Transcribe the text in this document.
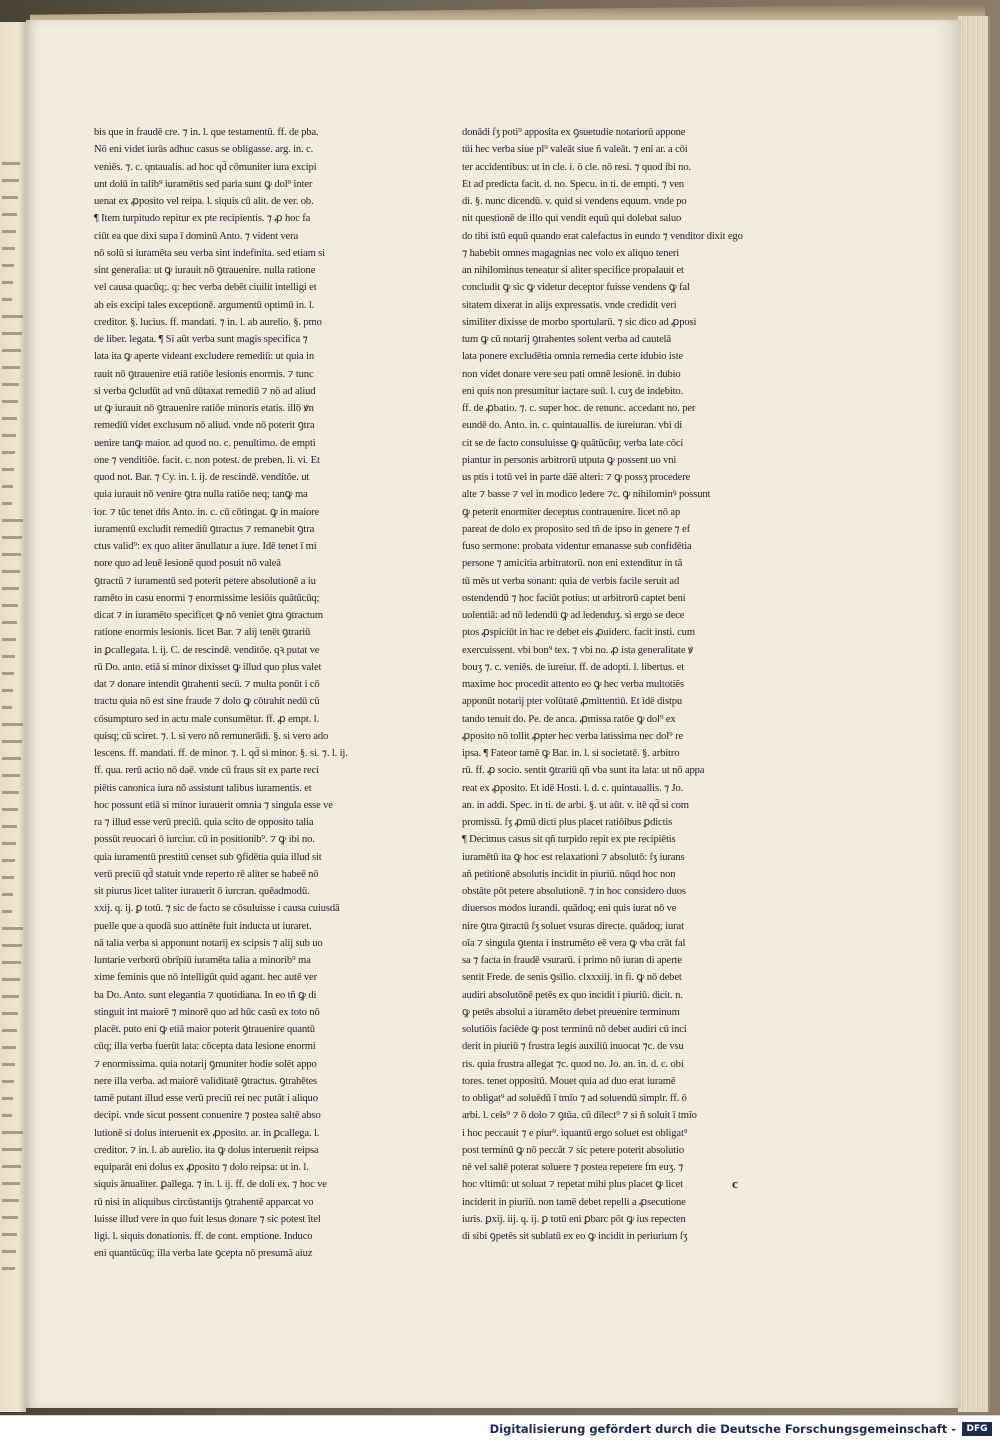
bis que in fraudē cre. ⁊ in. l. que testamentū. ff. de pba.
Nō eni videt iurās adhuc casus se obligasse. arg. in. c.
veniēs. ⁊. c. qntaualis. ad hoc qd̄ cōmuniter iura excipi
unt dolū in talib⁹ iuramētis sed paria sunt ꝙ dol⁹ inter
uenat ex ꝓposito vel reipa. l. siquis cū alit. de ver. ob.
¶ Item turpitudo repitur ex pte recipientis. ⁊ ꝓ hoc fa
ciūt ea que dixi supa ī dominū Anto. ⁊ vident vera
nō solū si iuramēta seu verba sint indefinita. sed etiam si
sint generalia: ut ꝙ iurauit nō ꝯtrauenire. nulla ratione
vel causa quacūq;. q: hec verba debēt ciuilit intelligi et
ab eis excipi tales exceptionē. argumentū optimū in. l.
creditor. §. lucius. ff. mandati. ⁊ in. l. ab aurelio. §. pmo
de liber. legata. ¶ Si aūt verba sunt magis specifica ⁊
lata ita ꝙ aperte videant excludere remediū: ut quia in
rauit nō ꝯtrauenire etiā ratiōe lesionis enormis. ⁊ tunc
si verba ꝯcludūt ad vnū dūtaxat remediū ⁊ nō ad aliud
ut ꝙ iurauit nō ꝯtrauenire ratiōe minoris etatis. illō ꝟn
remediū videt exclusum nō aliud. vnde nō poterit ꝯtra
uenire tanꝙ maior. ad quod no. c. penultimo. de empti
one ⁊ venditiōe. facit. c. non potest. de preben. li. vi. Et
quod not. Bar. ⁊ Cy. in. l. ij. de rescindē. venditōe. ut
quia iurauit nō venire ꝯtra nulla ratiōe neq; tanꝙ ma
ior. ⁊ tūc tenet dn̄s Anto. in. c. cū cōtingat. ꝙ in maiore
iuramentū excludit remediū ꝯtractus ⁊ remanebit ꝯtra
ctus valid⁹: ex quo aliter ānullatur a iure. Idē tenet ī mi
nore quo ad leuē lesionē quod posuit nō valeā
ꝯtractū ⁊ iuramentū sed poterit petere absolutionē a iu
ramēto in casu enormi ⁊ enormissime lesiōis quātūcūq;
dicat ⁊ in iuramēto specificet ꝙ nō veniet ꝯtra ꝯtractum
ratione enormis lesionis. licet Bar. ⁊ alij tenēt ꝯtrariū
in ꝑcallegata. l. ij. C. de rescindē. venditōe. qꝛ putat ve
rū Do. anto. etiā si minor dixisset ꝙ illud quo plus valet
dat ⁊ donare intendit ꝯtrahenti secū. ⁊ multa ponūt i cō
tractu quia nō est sine fraude ⁊ dolo ꝙ cōtrahit nedū cū
cōsumpturo sed in actu male consumētur. ff. ꝓ empt. l.
quisq; cū sciret. ⁊. l. si vero nō remunerādi. §. si vero ado
lescens. ff. mandati. ff. de minor. ⁊. l. qd̄ si minor. §. si. ⁊. l. ij.
ff. qua. rerū actio nō daē. vnde cū fraus sit ex parte reci
piētis canonica iura nō assistunt talibus iuramentis. et
hoc possunt etiā si minor iurauerit omnia ⁊ singula esse ve
ra ⁊ illud esse verū preciū. quia scito de opposito talia
possūt reuocari ō iurciur. cū in positionib⁹. ⁊ ꝙ ibi no.
quia iuramentū prestitū censet sub ꝯfidētia quia illud sit
verū preciū qd̄ statuit vnde reperto rē aliter se habeē nō
sit piurus licet taliter iurauerit ō iurcran. quēadmodū.
xxij. q. ij. ꝑ totū. ⁊ sic de facto se cōsuluisse i causa cuiusdā
puelle que a quodā suo attinēte fuit inducta ut iuraret.
nā talia verba si apponunt notarij ex scipsis ⁊ alij sub uo
luntarie verborū obrīpiū iuramēta talia a minorib⁹ ma
xime feminis que nō intelligūt quid agant. hec autē ver
ba Do. Anto. sunt elegantia ⁊ quotidiana. In eo tñ ꝙ di
stinguit int maiorē ⁊ minorē quo ad hūc casū ex toto nō
placēt. puto eni ꝙ etiā maior poterit ꝯtrauenire quantū
cūq; illa verba fuerūt lata: cōcepta data lesione enormi
⁊ enormissima. quia notarij ꝯmuniter hodie solēt appo
nere illa verba. ad maiorē validitatē ꝯtractus. ꝯtrahētes
tamē putant illud esse verū preciū rei nec putāt i aliquo
decipi. vnde sicut possent conuenire ⁊ postea saltē abso
lutionē si dolus interuenit ex ꝓposito. ar. in ꝑcallega. l.
creditor. ⁊ in. l. ab aurelio. ita ꝙ dolus interuenit reipsa
equiparāt eni dolus ex ꝓposito ⁊ dolo reipsa: ut in. l.
siquis ānualiter. ꝑallega. ⁊ in. l. ij. ff. de doli ex. ⁊ hoc ve
rū nisi in aliquibus circūstantijs ꝯtrahentē apparcat vo
luisse illud vere in quo fuit lesus donare ⁊ sic potest ītel
ligi. l. siquis donationis. ff. de cont. emptione. Induco
eni quantūcūq; illa verba late ꝯcepta nō presumā aiuz
donādi ſʒ poti⁹ apposita ex ꝯsuetudie notariorū appone
tūi hec verba siue pl⁹ valeāt siue ñ valeāt. ⁊ eni ar. a cōi
ter accidentibus: ut in cle. i. ō cle. nō resi. ⁊ quod ibi no.
Et ad predicta facit. d. no. Specu. in ti. de empti. ⁊ ven
di. §. nunc dicendū. v. quid si vendens equum. vnde po
nit questionē de illo qui vendit equū qui dolebat saluo
do tibi istū equū quando erat calefactus in eundo ⁊ venditor dixit ego
⁊ habebit omnes magagnias nec volo ex aliquo teneri
an nihilominus teneatur si aliter specifice propalauit et
concludit ꝙ sic ꝙ videtur deceptor fuisse vendens ꝙ fal
sitatem dixerat in alijs expressatis. vnde credidit veri
similiter dixisse de morbo sportularū. ⁊ sic dico ad ꝓposi
tum ꝙ cū notarij ꝯtrahentes solent verba ad cautelā
lata ponere excludētia omnia remedia certe idubio iste
non videt donare vere seu pati omnē lesionē. in dubio
eni quis non presumitur iactare suū. l. cuʒ de indebito.
ff. de ꝓbatio. ⁊. c. super hoc. de renunc. accedant no. per
eundē do. Anto. in. c. quintauallis. de iureiuran. vbi di
cit se de facto consuluisse ꝙ quātūcūq; verba late cōci
piantur in personis arbitrorū utputa ꝙ possent uo vni
us ptis i totū vel in parte dāē alteri: ⁊ ꝙ possʒ procedere
alte ⁊ basse ⁊ vel in modico ledere ⁊c. ꝙ nihilominꝰ possunt
ꝙ peterit enormiter deceptus contrauenire. licet nō ap
pareat de dolo ex proposito sed tñ de ipso in genere ⁊ ef
fuso sermone: probata videntur emanasse sub confidētia
persone ⁊ amicitia arbitratorū. non eni extenditur in tā
tū mēs ut verba sonant: quia de verbis facile seruit ad
ostendendū ⁊ hoc faciūt potius: ut arbitrorū captet beni
uolentiā: ad nō ledendū ꝙ ad ledenduʒ. si ergo se dece
ptos ꝓspiciūt in hac re debet eis ꝓuiderc. facit insti. cum
exercuissent. vbi bon⁹ tex. ⁊ vbi no. ꝓ ista generalitate ꝟ
bouʒ ⁊. c. veniēs. de iureiur. ff. de adopti. l. libertus. et
maxime hoc procedit attento eo ꝙ hec verba multotiēs
apponūt notarij pter volūtatē ꝓmittentiū. Et idē distpu
tando tenuit do. Pe. de anca. ꝓmissa ratōe ꝙ dol⁹ ex
ꝓposito nō tollit ꝓpter hec verba latissima nec dol⁹ re
ipsa. ¶ Fateor tamē ꝙ Bar. in. l. si societatē. §. arbitro
rū. ff. ꝓ socio. sentit ꝯtrariū qñ vba sunt ita lata: ut nō appa
reat ex ꝓposito. Et idē Hosti. l. d. c. quintauallis. ⁊ Jo.
an. in addi. Spec. in ti. de arbi. §. ut aūt. v. itē qd̄ si com
promissū. ſʒ ꝓmū dicti plus placet ratiōibus ꝑdictis
¶ Decimus casus sit qñ turpido repit ex pte recipiētis
iuramētū ita ꝙ hoc est relaxationi ⁊ absolutō: ſʒ iurans
añ petitionē absolutis incidit in piuriū. nūqd hoc non
obstāte pōt petere absolutionē. ⁊ in hoc considero duos
diuersos modos iurandi. quādoq; eni quis iurat nō ve
nire ꝯtra ꝯtractū ſʒ soluet vsuras directe. quādoq; iurat
oīa ⁊ singula ꝯtenta i instrumēto eē vera ꝙ vba crāt fal
sa ⁊ facta in fraudē vsurarū. i primo nō iuran di aperte
sentit Frede. de senis ꝯsilio. clxxxiij. in fi. ꝙ nō debet
audiri absolutōnē petēs ex quo incidit i piuriū. dicit. n.
ꝙ petēs absolui a iuramēto debet preuenire terminum
solutiōis faciēde ꝙ post terminū nō debet audiri cū inci
derit in piuriū ⁊ frustra legis auxiliū inuocat ⁊c. de vsu
ris. quia frustra allegat ⁊c. quod no. Jo. an. in. d. c. obi
tores. tenet oppositū. Mouet quia ad duo erat iuramē
to obligat⁹ ad soluēdū ī tmīo ⁊ ad soluendū simplr. ff. ō
arbi. l. cels⁹ ⁊ ō dolo ⁊ ꝯtūa. cū dilect⁹ ⁊ si ñ soluit ī tmīo
i hoc peccauit ⁊ e piur⁹. iquantū ergo soluet est obligat⁹
post terminū ꝙ nō peccāt ⁊ sic petere poterit absolutio
nē vel saltē poterat soluere ⁊ postea repetere fm euʒ. ⁊
hoc vltimū: ut soluat ⁊ repetat mihi plus placet ꝙ licet
inciderit in piuriū. non tamē debet repelli a ꝓsecutione
iuris. ꝑxij. iij. q. ij. ꝑ totū eni ꝑbarc pōt ꝙ ius repecten
di sibi ꝯpetēs sit sublatū ex eo ꝙ incidit in periurium ſʒ
c
Digitalisierung gefördert durch die Deutsche Forschungsgemeinschaft -	DFG
